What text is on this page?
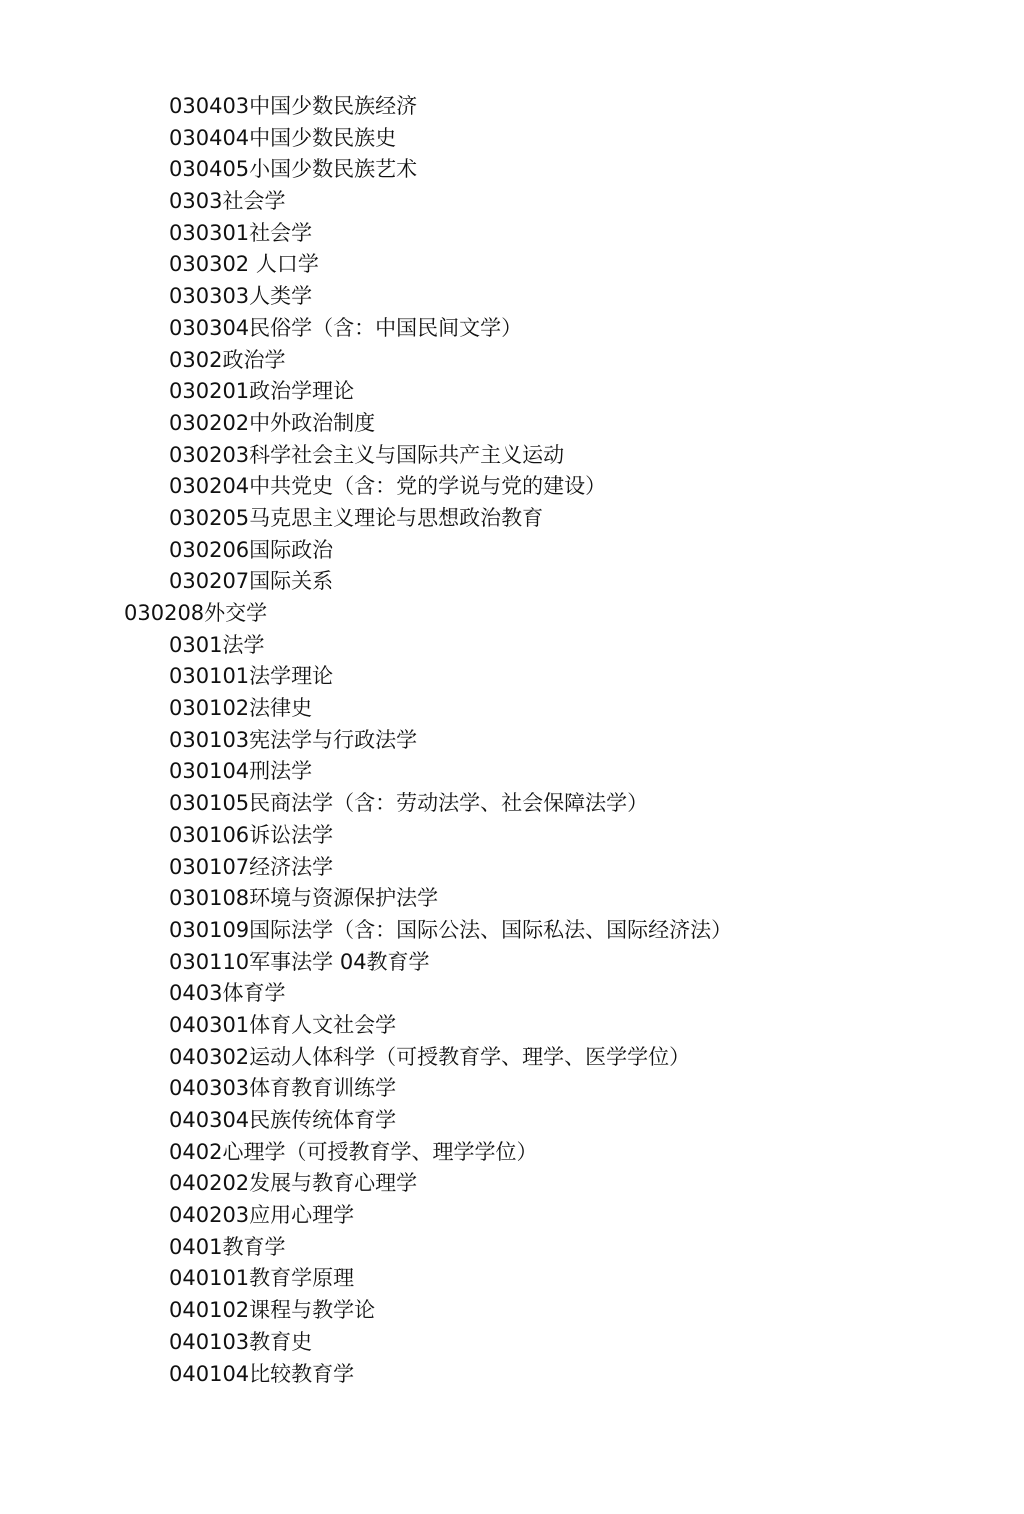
030403中国少数民族经济
030404中国少数民族史
030405小国少数民族艺术
0303社会学
030301社会学
030302 人口学
030303人类学
030304民俗学（含：中国民间文学）
0302政治学
030201政治学理论
030202中外政治制度
030203科学社会主义与国际共产主义运动
030204中共党史（含：党的学说与党的建设）
030205马克思主义理论与思想政治教育
030206国际政治
030207国际关系
030208外交学
0301法学
030101法学理论
030102法律史
030103宪法学与行政法学
030104刑法学
030105民商法学（含：劳动法学、社会保障法学）
030106诉讼法学
030107经济法学
030108环境与资源保护法学
030109国际法学（含：国际公法、国际私法、国际经济法）
030110军事法学 04教育学
0403体育学
040301体育人文社会学
040302运动人体科学（可授教育学、理学、医学学位）
040303体育教育训练学
040304民族传统体育学
0402心理学（可授教育学、理学学位）
040202发展与教育心理学
040203应用心理学
0401教育学
040101教育学原理
040102课程与教学论
040103教育史
040104比较教育学
